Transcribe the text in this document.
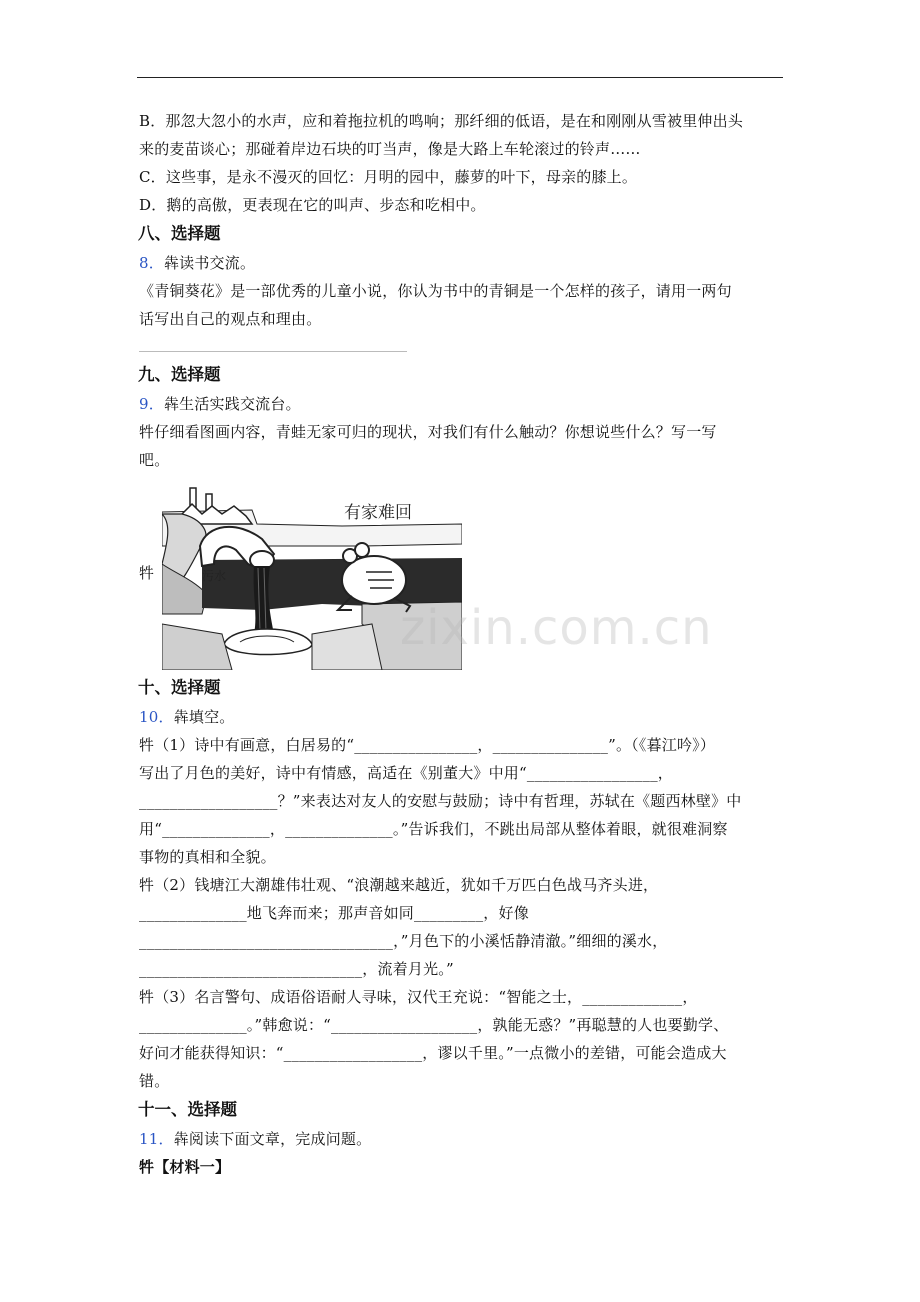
B．那忽大忽小的水声，应和着拖拉机的鸣响；那纤细的低语，是在和刚刚从雪被里伸出头
来的麦苗谈心；那碰着岸边石块的叮当声，像是大路上车轮滚过的铃声……
C．这些事，是永不漫灭的回忆：月明的园中，藤萝的叶下，母亲的膝上。
D．鹅的高傲，更表现在它的叫声、步态和吃相中。
八、选择题
8．犇读书交流。
《青铜葵花》是一部优秀的儿童小说，你认为书中的青铜是一个怎样的孩子，请用一两句
话写出自己的观点和理由。
九、选择题
9．犇生活实践交流台。
牪仔细看图画内容，青蛙无家可归的现状，对我们有什么触动？你想说些什么？写一写
吧。
牪	污水
有家难回
zixin.com.cn
十、选择题
10．犇填空。
牪（1）诗中有画意，白居易的“________________，_______________”。（《暮江吟》）
写出了月色的美好，诗中有情感，高适在《别董大》中用“_________________，
__________________？”来表达对友人的安慰与鼓励；诗中有哲理，苏轼在《题西林壁》中
用“______________，______________。”告诉我们，不跳出局部从整体着眼，就很难洞察
事物的真相和全貌。
牪（2）钱塘江大潮雄伟壮观、“浪潮越来越近，犹如千万匹白色战马齐头进，
______________地飞奔而来；那声音如同_________，好像
_________________________________，”月色下的小溪恬静清澈。”细细的溪水，
_____________________________，流着月光。”
牪（3）名言警句、成语俗语耐人寻味，汉代王充说：“智能之士，_____________，
______________。”韩愈说：“___________________，孰能无惑？”再聪慧的人也要勤学、
好问才能获得知识：“__________________，谬以千里。”一点微小的差错，可能会造成大
错。
十一、选择题
11．犇阅读下面文章，完成问题。
牪【材料一】
